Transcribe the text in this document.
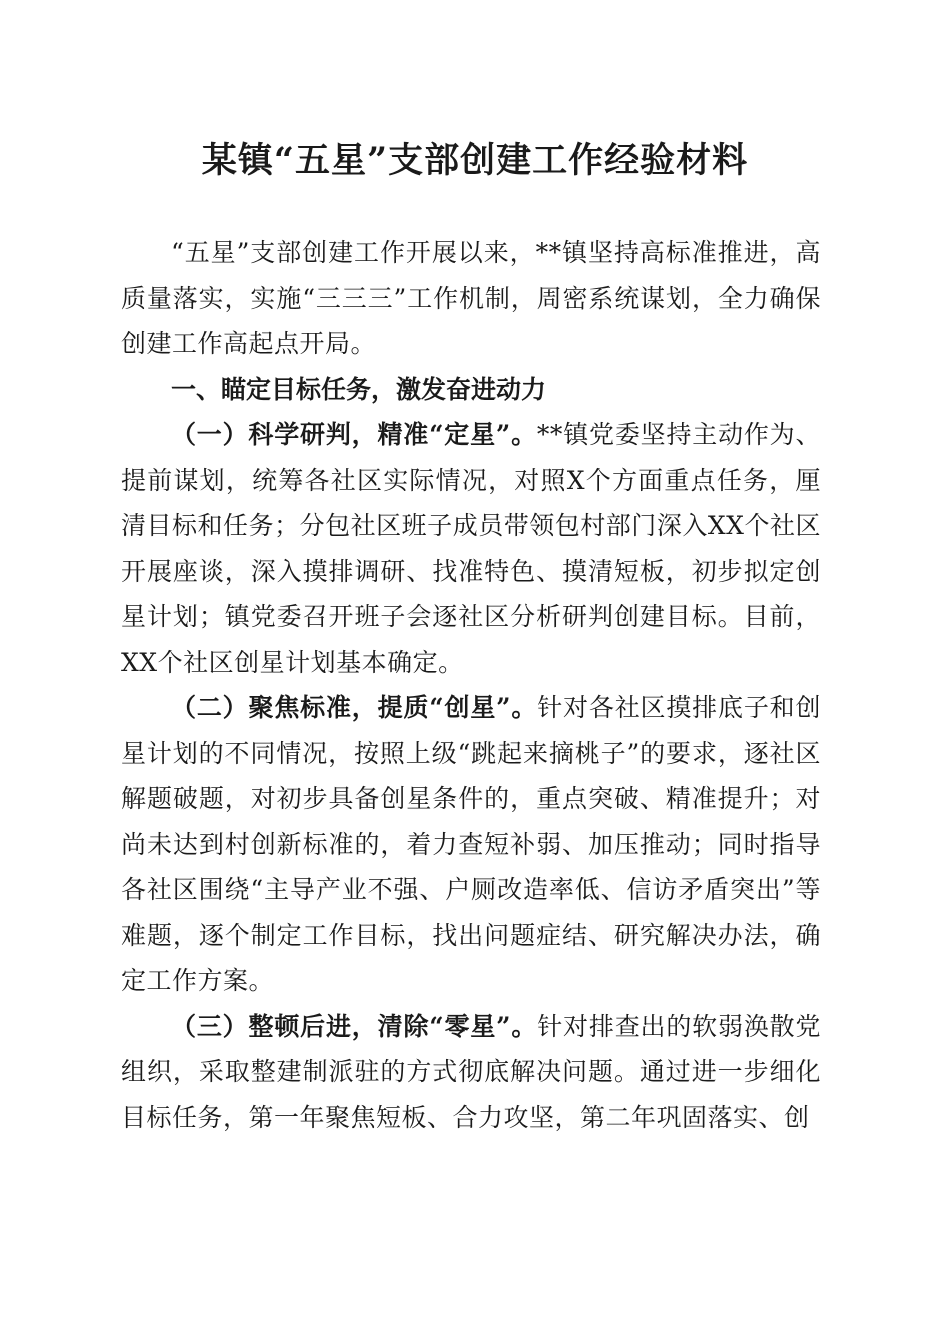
某镇“五星”支部创建工作经验材料

“五星”支部创建工作开展以来，**镇坚持高标准推进，高质量落实，实施“三三三”工作机制，周密系统谋划，全力确保创建工作高起点开局。

一、瞄定目标任务，激发奋进动力

（一）科学研判，精准“定星”。**镇党委坚持主动作为、提前谋划，统筹各社区实际情况，对照X个方面重点任务，厘清目标和任务；分包社区班子成员带领包村部门深入XX个社区开展座谈，深入摸排调研、找准特色、摸清短板，初步拟定创星计划；镇党委召开班子会逐社区分析研判创建目标。目前，XX个社区创星计划基本确定。

（二）聚焦标准，提质“创星”。针对各社区摸排底子和创星计划的不同情况，按照上级“跳起来摘桃子”的要求，逐社区解题破题，对初步具备创星条件的，重点突破、精准提升；对尚未达到村创新标准的，着力查短补弱、加压推动；同时指导各社区围绕“主导产业不强、户厕改造率低、信访矛盾突出”等难题，逐个制定工作目标，找出问题症结、研究解决办法，确定工作方案。

（三）整顿后进，清除“零星”。针对排查出的软弱涣散党组织，采取整建制派驻的方式彻底解决问题。通过进一步细化目标任务，第一年聚焦短板、合力攻坚，第二年巩固落实、创
